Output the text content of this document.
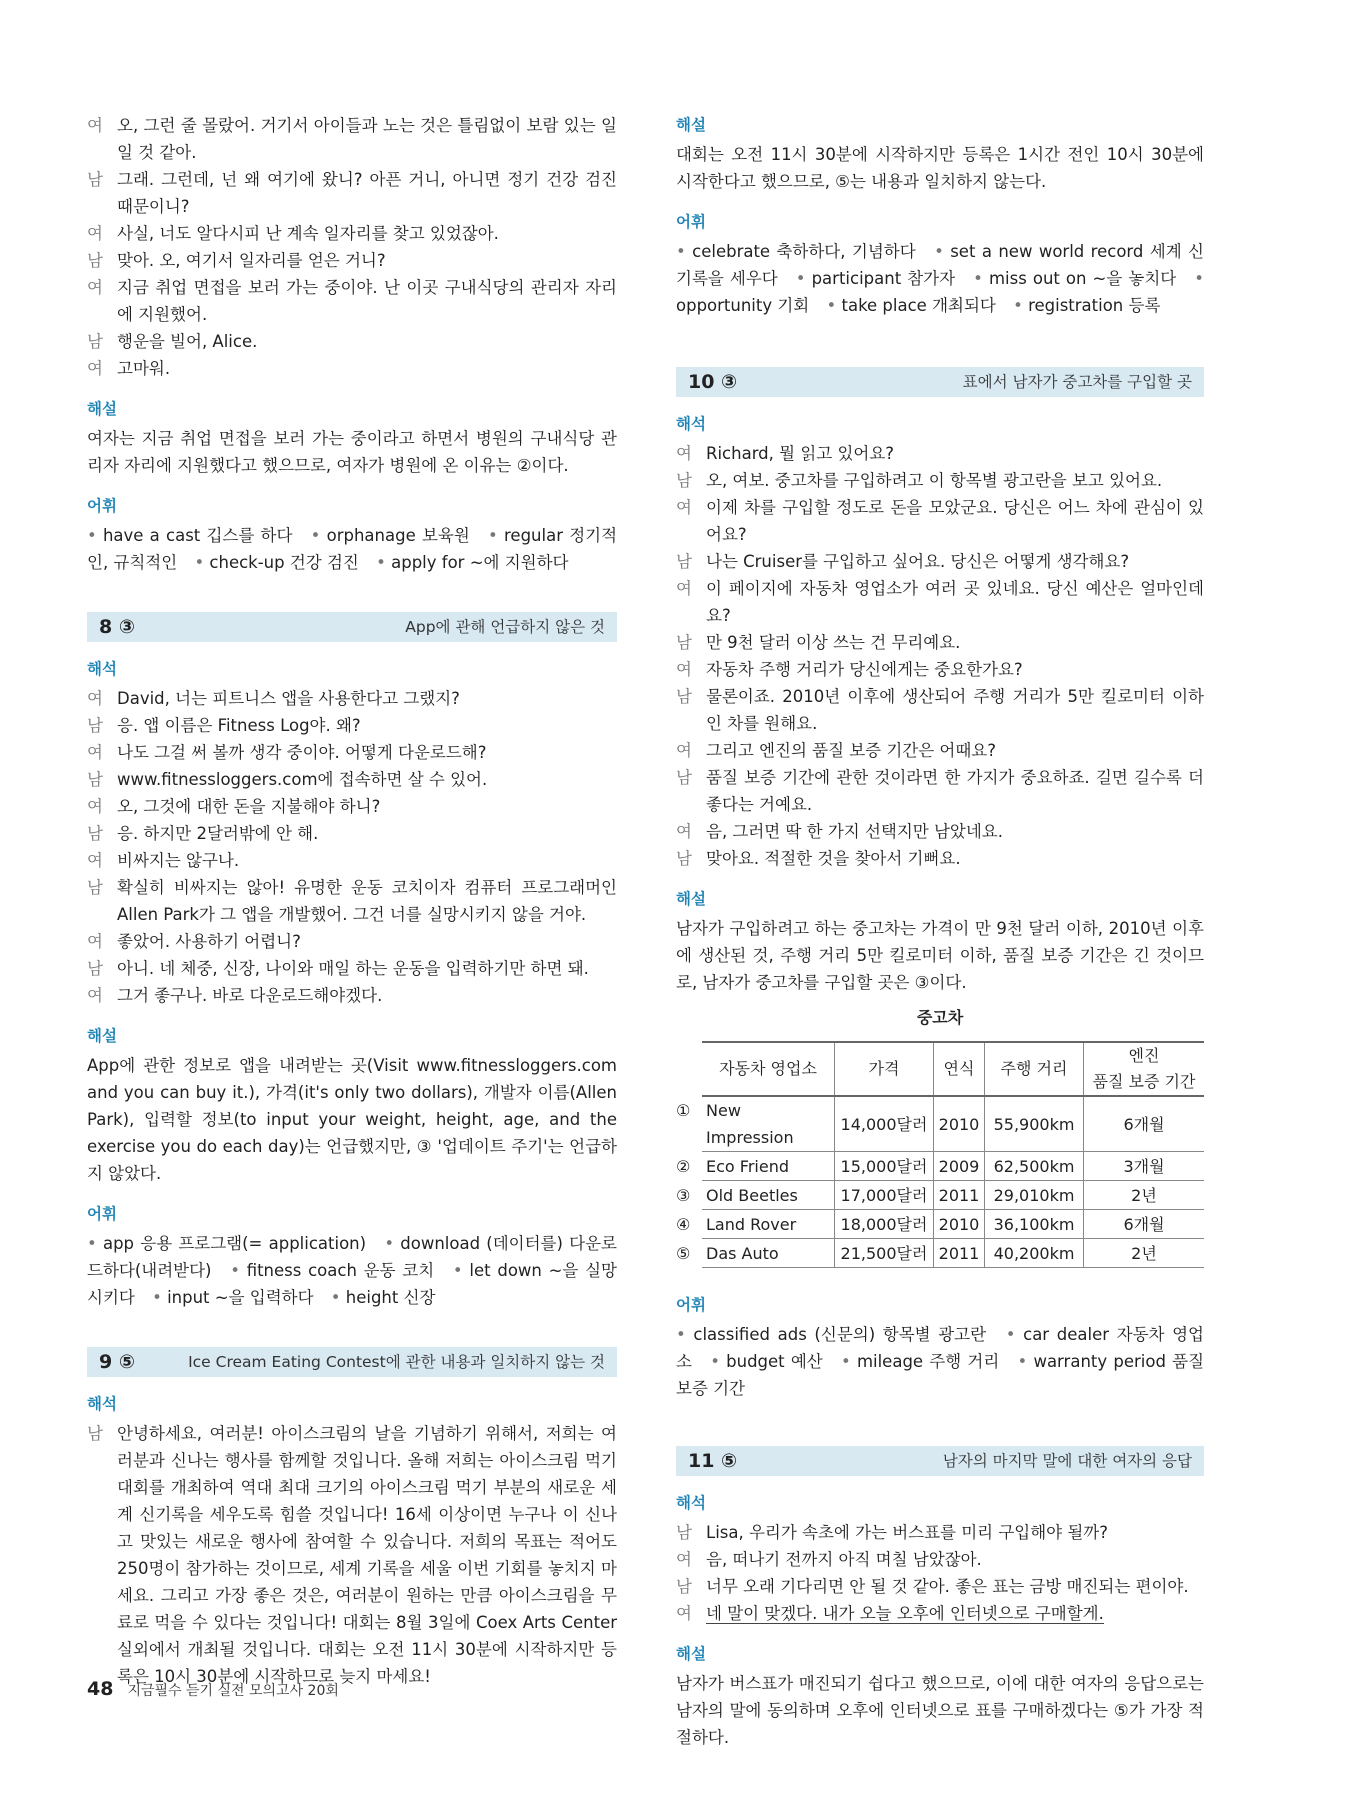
여 오, 그런 줄 몰랐어. 거기서 아이들과 노는 것은 틀림없이 보람 있는 일일 것 같아.
남 그래. 그런데, 넌 왜 여기에 왔니? 아픈 거니, 아니면 정기 건강 검진 때문이니?
여 사실, 너도 알다시피 난 계속 일자리를 찾고 있었잖아.
남 맞아. 오, 여기서 일자리를 얻은 거니?
여 지금 취업 면접을 보러 가는 중이야. 난 이곳 구내식당의 관리자 자리에 지원했어.
남 행운을 빌어, Alice.
여 고마워.
해설

여자는 지금 취업 면접을 보러 가는 중이라고 하면서 병원의 구내식당 관리자 자리에 지원했다고 했으므로, 여자가 병원에 온 이유는 ②이다.

어휘

• have a cast 깁스를 하다 • orphanage 보육원 • regular 정기적인, 규칙적인 • check-up 건강 검진 • apply for ~에 지원하다

8 ③	App에 관해 언급하지 않은 것
해석
여 David, 너는 피트니스 앱을 사용한다고 그랬지?
남 응. 앱 이름은 Fitness Log야. 왜?
여 나도 그걸 써 볼까 생각 중이야. 어떻게 다운로드해?
남 www.fitnessloggers.com에 접속하면 살 수 있어.
여 오, 그것에 대한 돈을 지불해야 하니?
남 응. 하지만 2달러밖에 안 해.
여 비싸지는 않구나.
남 확실히 비싸지는 않아! 유명한 운동 코치이자 컴퓨터 프로그래머인 Allen Park가 그 앱을 개발했어. 그건 너를 실망시키지 않을 거야.
여 좋았어. 사용하기 어렵니?
남 아니. 네 체중, 신장, 나이와 매일 하는 운동을 입력하기만 하면 돼.
여 그거 좋구나. 바로 다운로드해야겠다.
해설

App에 관한 정보로 앱을 내려받는 곳(Visit www.fitnessloggers.com and you can buy it.), 가격(it's only two dollars), 개발자 이름(Allen Park), 입력할 정보(to input your weight, height, age, and the exercise you do each day)는 언급했지만, ③ '업데이트 주기'는 언급하지 않았다.

어휘

• app 응용 프로그램(= application) • download (데이터를) 다운로드하다(내려받다) • fitness coach 운동 코치 • let down ~을 실망시키다 • input ~을 입력하다 • height 신장

9 ⑤	Ice Cream Eating Contest에 관한 내용과 일치하지 않는 것
해석
남 안녕하세요, 여러분! 아이스크림의 날을 기념하기 위해서, 저희는 여러분과 신나는 행사를 함께할 것입니다. 올해 저희는 아이스크림 먹기 대회를 개최하여 역대 최대 크기의 아이스크림 먹기 부분의 새로운 세계 신기록을 세우도록 힘쓸 것입니다! 16세 이상이면 누구나 이 신나고 맛있는 새로운 행사에 참여할 수 있습니다. 저희의 목표는 적어도 250명이 참가하는 것이므로, 세계 기록을 세울 이번 기회를 놓치지 마세요. 그리고 가장 좋은 것은, 여러분이 원하는 만큼 아이스크림을 무료로 먹을 수 있다는 것입니다! 대회는 8월 3일에 Coex Arts Center 실외에서 개최될 것입니다. 대회는 오전 11시 30분에 시작하지만 등록은 10시 30분에 시작하므로 늦지 마세요!
해설

대회는 오전 11시 30분에 시작하지만 등록은 1시간 전인 10시 30분에 시작한다고 했으므로, ⑤는 내용과 일치하지 않는다.

어휘

• celebrate 축하하다, 기념하다 • set a new world record 세계 신기록을 세우다 • participant 참가자 • miss out on ~을 놓치다 • opportunity 기회 • take place 개최되다 • registration 등록

10 ③	표에서 남자가 중고차를 구입할 곳
해석
여 Richard, 뭘 읽고 있어요?
남 오, 여보. 중고차를 구입하려고 이 항목별 광고란을 보고 있어요.
여 이제 차를 구입할 정도로 돈을 모았군요. 당신은 어느 차에 관심이 있어요?
남 나는 Cruiser를 구입하고 싶어요. 당신은 어떻게 생각해요?
여 이 페이지에 자동차 영업소가 여러 곳 있네요. 당신 예산은 얼마인데요?
남 만 9천 달러 이상 쓰는 건 무리예요.
여 자동차 주행 거리가 당신에게는 중요한가요?
남 물론이죠. 2010년 이후에 생산되어 주행 거리가 5만 킬로미터 이하인 차를 원해요.
여 그리고 엔진의 품질 보증 기간은 어때요?
남 품질 보증 기간에 관한 것이라면 한 가지가 중요하죠. 길면 길수록 더 좋다는 거예요.
여 음, 그러면 딱 한 가지 선택지만 남았네요.
남 맞아요. 적절한 것을 찾아서 기뻐요.
해설

남자가 구입하려고 하는 중고차는 가격이 만 9천 달러 이하, 2010년 이후에 생산된 것, 주행 거리 5만 킬로미터 이하, 품질 보증 기간은 긴 것이므로, 남자가 중고차를 구입할 곳은 ③이다.

중고차
자동차 영업소	가격	연식	주행 거리	엔진
품질 보증 기간

① New Impression	14,000달러	2010	55,900km	6개월

② Eco Friend	15,000달러	2009	62,500km	3개월

③ Old Beetles	17,000달러	2011	29,010km	2년

④ Land Rover	18,000달러	2010	36,100km	6개월

⑤ Das Auto	21,500달러	2011	40,200km	2년
어휘

• classified ads (신문의) 항목별 광고란 • car dealer 자동차 영업소 • budget 예산 • mileage 주행 거리 • warranty period 품질 보증 기간

11 ⑤	남자의 마지막 말에 대한 여자의 응답
해석
남 Lisa, 우리가 속초에 가는 버스표를 미리 구입해야 될까?
여 음, 떠나기 전까지 아직 며칠 남았잖아.
남 너무 오래 기다리면 안 될 것 같아. 좋은 표는 금방 매진되는 편이야.
여 네 말이 맞겠다. 내가 오늘 오후에 인터넷으로 구매할게.
해설

남자가 버스표가 매진되기 쉽다고 했으므로, 이에 대한 여자의 응답으로는 남자의 말에 동의하며 오후에 인터넷으로 표를 구매하겠다는 ⑤가 가장 적절하다.

48 지금필수 듣기 실전 모의고사 20회
